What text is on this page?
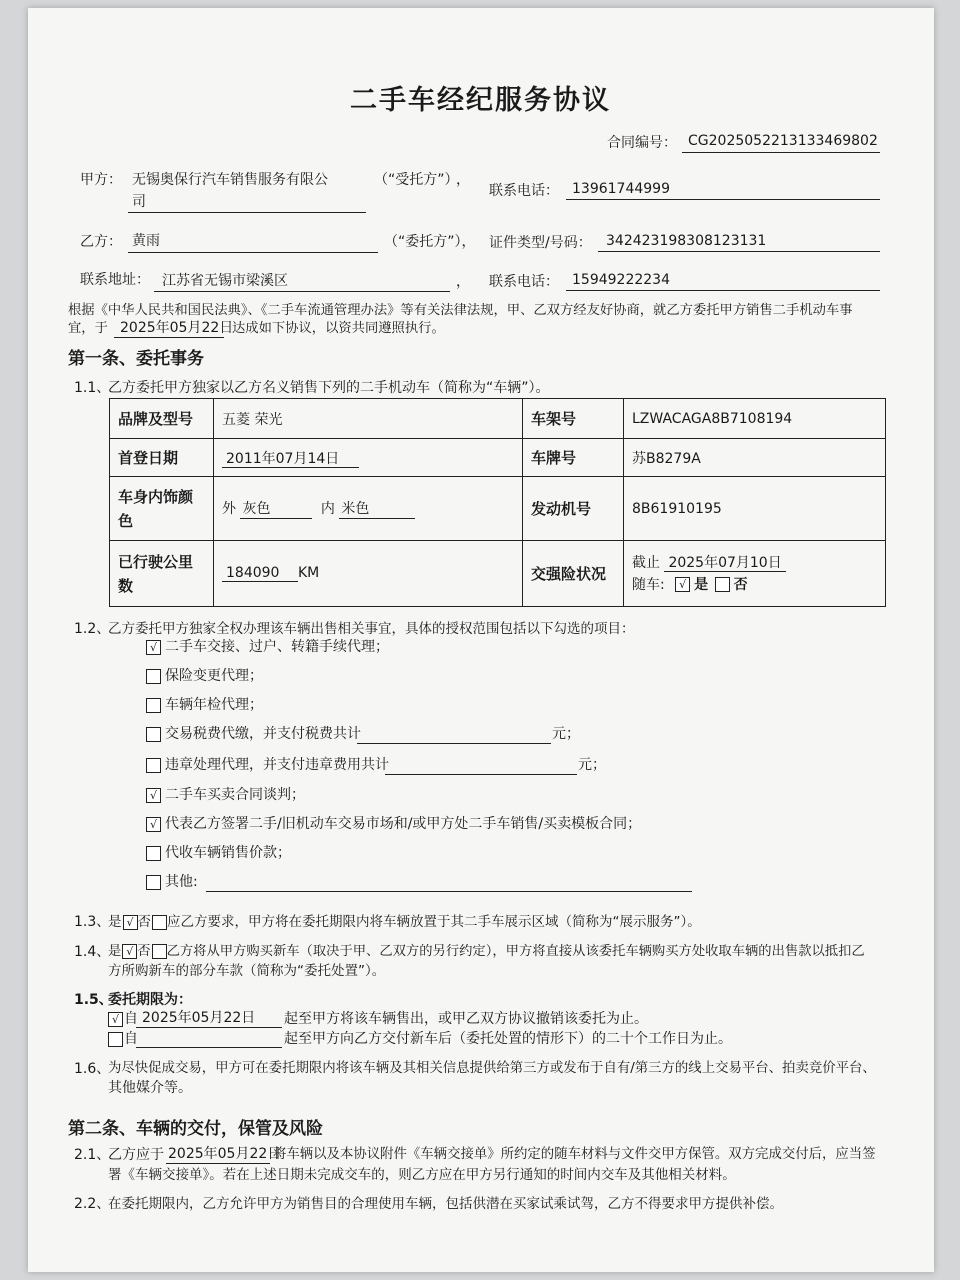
二手车经纪服务协议
合同编号： CG2025052213133469802
甲方： 无锡奥保行汽车销售服务有限公
司
（“受托方”）
，
联系电话： 13961744999
乙方： 黄雨	（“委托方”）， 证件类型/号码： 342423198308123131
联系地址： 江苏省无锡市梁溪区	， 联系电话： 15949222234
根据《中华人民共和国民法典》、《二手车流通管理办法》等有关法律法规，甲、乙双方经友好协商，就乙方委托甲方销售二手机动车事
宜，于 2025年05月22日
达成如下协议，以资共同遵照执行。
第一条、委托事务
1.1、
乙方委托甲方独家以乙方名义销售下列的二手机动车（简称为“车辆”）。
品牌及型号	五菱 荣光	车架号	LZWACAGA8B7108194
首登日期	2011年07月14日	车牌号	苏B8279A
车身内饰颜色	外 灰色 内 米色	发动机号	8B61910195
已行驶公里数	184090 KM	交强险状况	截止 2025年07月10日
随车: √ 是 否
1.2、
乙方委托甲方独家全权办理该车辆出售相关事宜，具体的授权范围包括以下勾选的项目：
√ 二手车交接、过户、转籍手续代理；
保险变更代理；
车辆年检代理；
交易税费代缴，并支付税费共计	元；
违章处理代理，并支付违章费用共计	元；
√ 二手车买卖合同谈判；
√ 代表乙方签署二手/旧机动车交易市场和/或甲方处二手车销售/买卖模板合同；
代收车辆销售价款；
其他:
1.3、
是 √ 否 应乙方要求，甲方将在委托期限内将车辆放置于其二手车展示区域（简称为“展示服务”）。
1.4、
是 √ 否 乙方将从甲方购买新车（取决于甲、乙双方的另行约定），甲方将直接从该委托车辆购买方处收取车辆的出售款以抵扣乙
方所购新车的部分车款（简称为“委托处置”）。
1.5、
委托期限为：
√ 自 2025年05月22日 起至甲方将该车辆售出，或甲乙双方协议撤销该委托为止。
自	起至甲方向乙方交付新车后（委托处置的情形下）的二十个工作日为止。
1.6、
为尽快促成交易，甲方可在委托期限内将该车辆及其相关信息提供给第三方或发布于自有/第三方的线上交易平台、拍卖竞价平台、
其他媒介等。
第二条、车辆的交付，保管及风险
2.1、
乙方应于 2025年05月22日
将车辆以及本协议附件《车辆交接单》所约定的随车材料与文件交甲方保管。双方完成交付后，应当签
署《车辆交接单》。若在上述日期未完成交车的，则乙方应在甲方另行通知的时间内交车及其他相关材料。
2.2、
在委托期限内，乙方允许甲方为销售目的合理使用车辆，包括供潜在买家试乘试驾，乙方不得要求甲方提供补偿。
